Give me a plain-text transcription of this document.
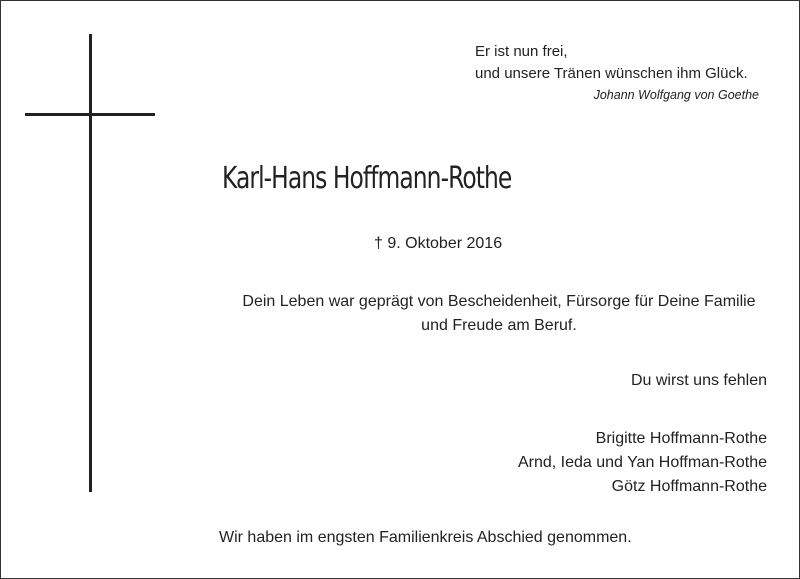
Er ist nun frei,
und unsere Tränen wünschen ihm Glück.
Johann Wolfgang von Goethe
Karl-Hans Hoffmann-Rothe
† 9. Oktober 2016
Dein Leben war geprägt von Bescheidenheit, Fürsorge für Deine Familie
und Freude am Beruf.
Du wirst uns fehlen
Brigitte Hoffmann-Rothe
Arnd, Ieda und Yan Hoffman-Rothe
Götz Hoffmann-Rothe
Wir haben im engsten Familienkreis Abschied genommen.
